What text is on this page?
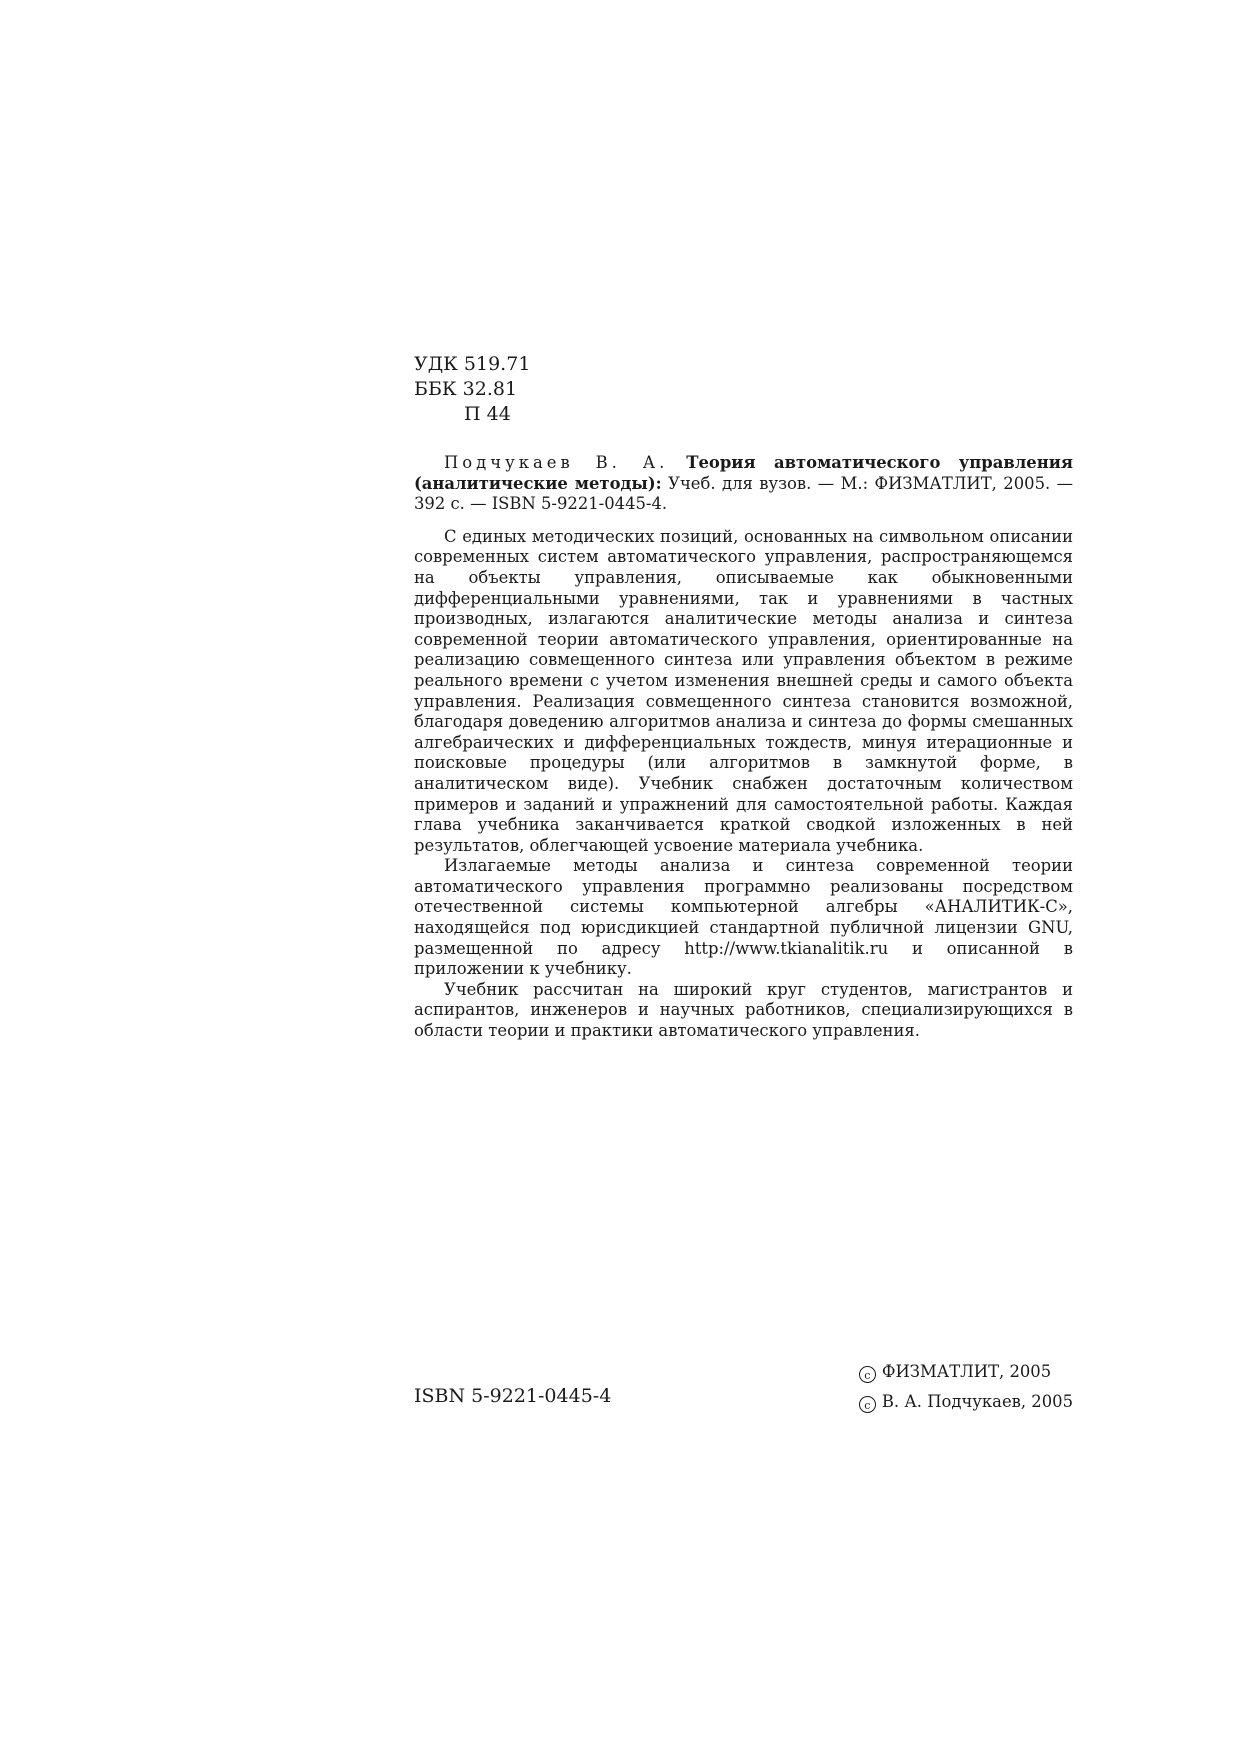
УДК 519.71
ББК 32.81
П 44

Подчукаев В. А. Теория автоматического управления (аналитические методы): Учеб. для вузов. — М.: ФИЗМАТЛИТ, 2005. — 392 с. — ISBN 5-9221-0445-4.

С единых методических позиций, основанных на символьном описании современных систем автоматического управления, распространяющемся на объекты управления, описываемые как обыкновенными дифференциальными уравнениями, так и уравнениями в частных производных, излагаются аналитические методы анализа и синтеза современной теории автоматического управления, ориентированные на реализацию совмещенного синтеза или управления объектом в режиме реального времени с учетом изменения внешней среды и самого объекта управления. Реализация совмещенного синтеза становится возможной, благодаря доведению алгоритмов анализа и синтеза до формы смешанных алгебраических и дифференциальных тождеств, минуя итерационные и поисковые процедуры (или алгоритмов в замкнутой форме, в аналитическом виде). Учебник снабжен достаточным количеством примеров и заданий и упражнений для самостоятельной работы. Каждая глава учебника заканчивается краткой сводкой изложенных в ней результатов, облегчающей усвоение материала учебника.

Излагаемые методы анализа и синтеза современной теории автоматического управления программно реализованы посредством отечественной системы компьютерной алгебры «АНАЛИТИК-С», находящейся под юрисдикцией стандартной публичной лицензии GNU, размещенной по адресу http://www.tkianalitik.ru и описанной в приложении к учебнику.

Учебник рассчитан на широкий круг студентов, магистрантов и аспирантов, инженеров и научных работников, специализирующихся в области теории и практики автоматического управления.

ISBN 5-9221-0445-4
c ФИЗМАТЛИТ, 2005
c В. А. Подчукаев, 2005
